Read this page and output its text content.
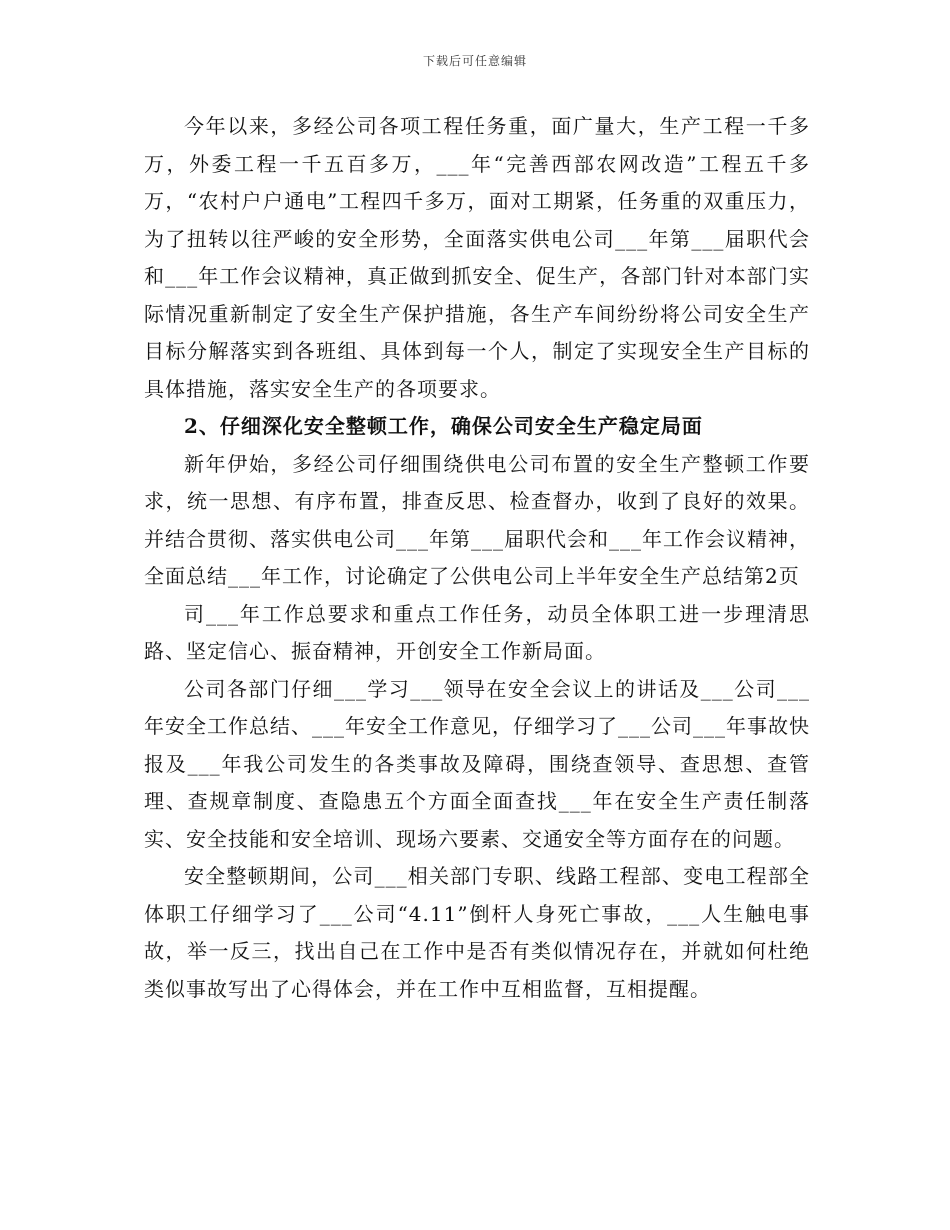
下载后可任意编辑

今年以来，多经公司各项工程任务重，面广量大，生产工程一千多万，外委工程一千五百多万，___年“完善西部农网改造”工程五千多万，“农村户户通电”工程四千多万，面对工期紧，任务重的双重压力，为了扭转以往严峻的安全形势，全面落实供电公司___年第___届职代会和___年工作会议精神，真正做到抓安全、促生产，各部门针对本部门实际情况重新制定了安全生产保护措施，各生产车间纷纷将公司安全生产目标分解落实到各班组、具体到每一个人，制定了实现安全生产目标的具体措施，落实安全生产的各项要求。

2、仔细深化安全整顿工作，确保公司安全生产稳定局面

新年伊始，多经公司仔细围绕供电公司布置的安全生产整顿工作要求，统一思想、有序布置，排查反思、检查督办，收到了良好的效果。并结合贯彻、落实供电公司___年第___届职代会和___年工作会议精神，全面总结___年工作，讨论确定了公供电公司上半年安全生产总结第2页

司___年工作总要求和重点工作任务，动员全体职工进一步理清思路、坚定信心、振奋精神，开创安全工作新局面。

公司各部门仔细___学习___领导在安全会议上的讲话及___公司___年安全工作总结、___年安全工作意见，仔细学习了___公司___年事故快报及___年我公司发生的各类事故及障碍，围绕查领导、查思想、查管理、查规章制度、查隐患五个方面全面查找___年在安全生产责任制落实、安全技能和安全培训、现场六要素、交通安全等方面存在的问题。

安全整顿期间，公司___相关部门专职、线路工程部、变电工程部全体职工仔细学习了___公司“4.11”倒杆人身死亡事故，___人生触电事故，举一反三，找出自己在工作中是否有类似情况存在，并就如何杜绝类似事故写出了心得体会，并在工作中互相监督，互相提醒。
